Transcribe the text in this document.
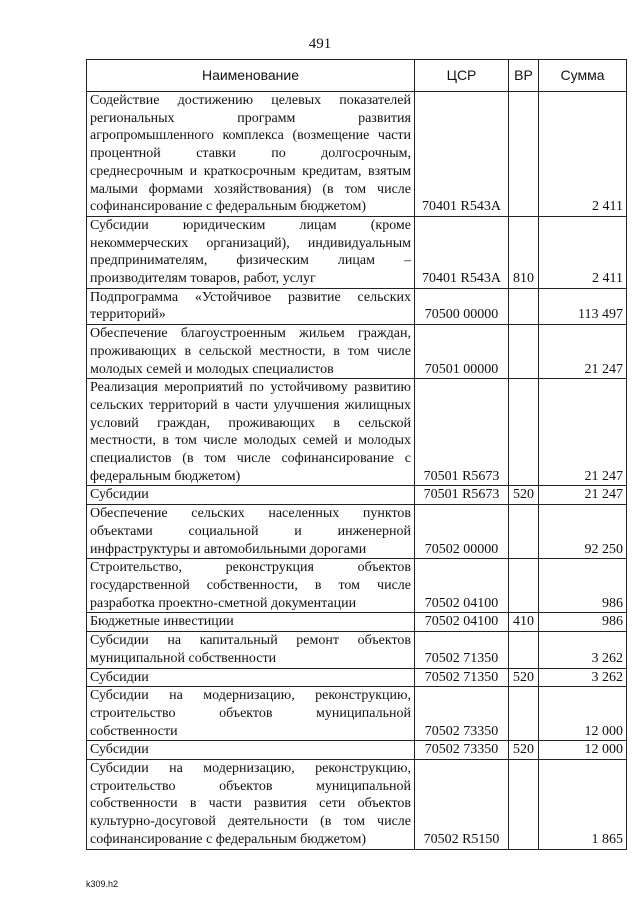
491
Наименование	ЦСР	ВР	Сумма
Содействие достижению целевых показателей региональных программ развития агропромышленного комплекса (возмещение части процентной ставки по долгосрочным, среднесрочным и краткосрочным кредитам, взятым малыми формами хозяйствования) (в том числе софинансирование с федеральным бюджетом)	70401 R543A		2 411
Субсидии юридическим лицам (кроме некоммерческих организаций), индивидуальным предпринимателям, физическим лицам – производителям товаров, работ, услуг	70401 R543A	810	2 411
Подпрограмма «Устойчивое развитие сельских территорий»	70500 00000		113 497
Обеспечение благоустроенным жильем граждан, проживающих в сельской местности, в том числе молодых семей и молодых специалистов	70501 00000		21 247
Реализация мероприятий по устойчивому развитию сельских территорий в части улучшения жилищных условий граждан, проживающих в сельской местности, в том числе молодых семей и молодых специалистов (в том числе софинансирование с федеральным бюджетом)	70501 R5673		21 247
Субсидии	70501 R5673	520	21 247
Обеспечение сельских населенных пунктов объектами социальной и инженерной инфраструктуры и автомобильными дорогами	70502 00000		92 250
Строительство, реконструкция объектов государственной собственности, в том числе разработка проектно-сметной документации	70502 04100		986
Бюджетные инвестиции	70502 04100	410	986
Субсидии на капитальный ремонт объектов муниципальной собственности	70502 71350		3 262
Субсидии	70502 71350	520	3 262
Субсидии на модернизацию, реконструкцию, строительство объектов муниципальной собственности	70502 73350		12 000
Субсидии	70502 73350	520	12 000
Субсидии на модернизацию, реконструкцию, строительство объектов муниципальной собственности в части развития сети объектов культурно-досуговой деятельности (в том числе софинансирование с федеральным бюджетом)	70502 R5150		1 865
k309.h2
